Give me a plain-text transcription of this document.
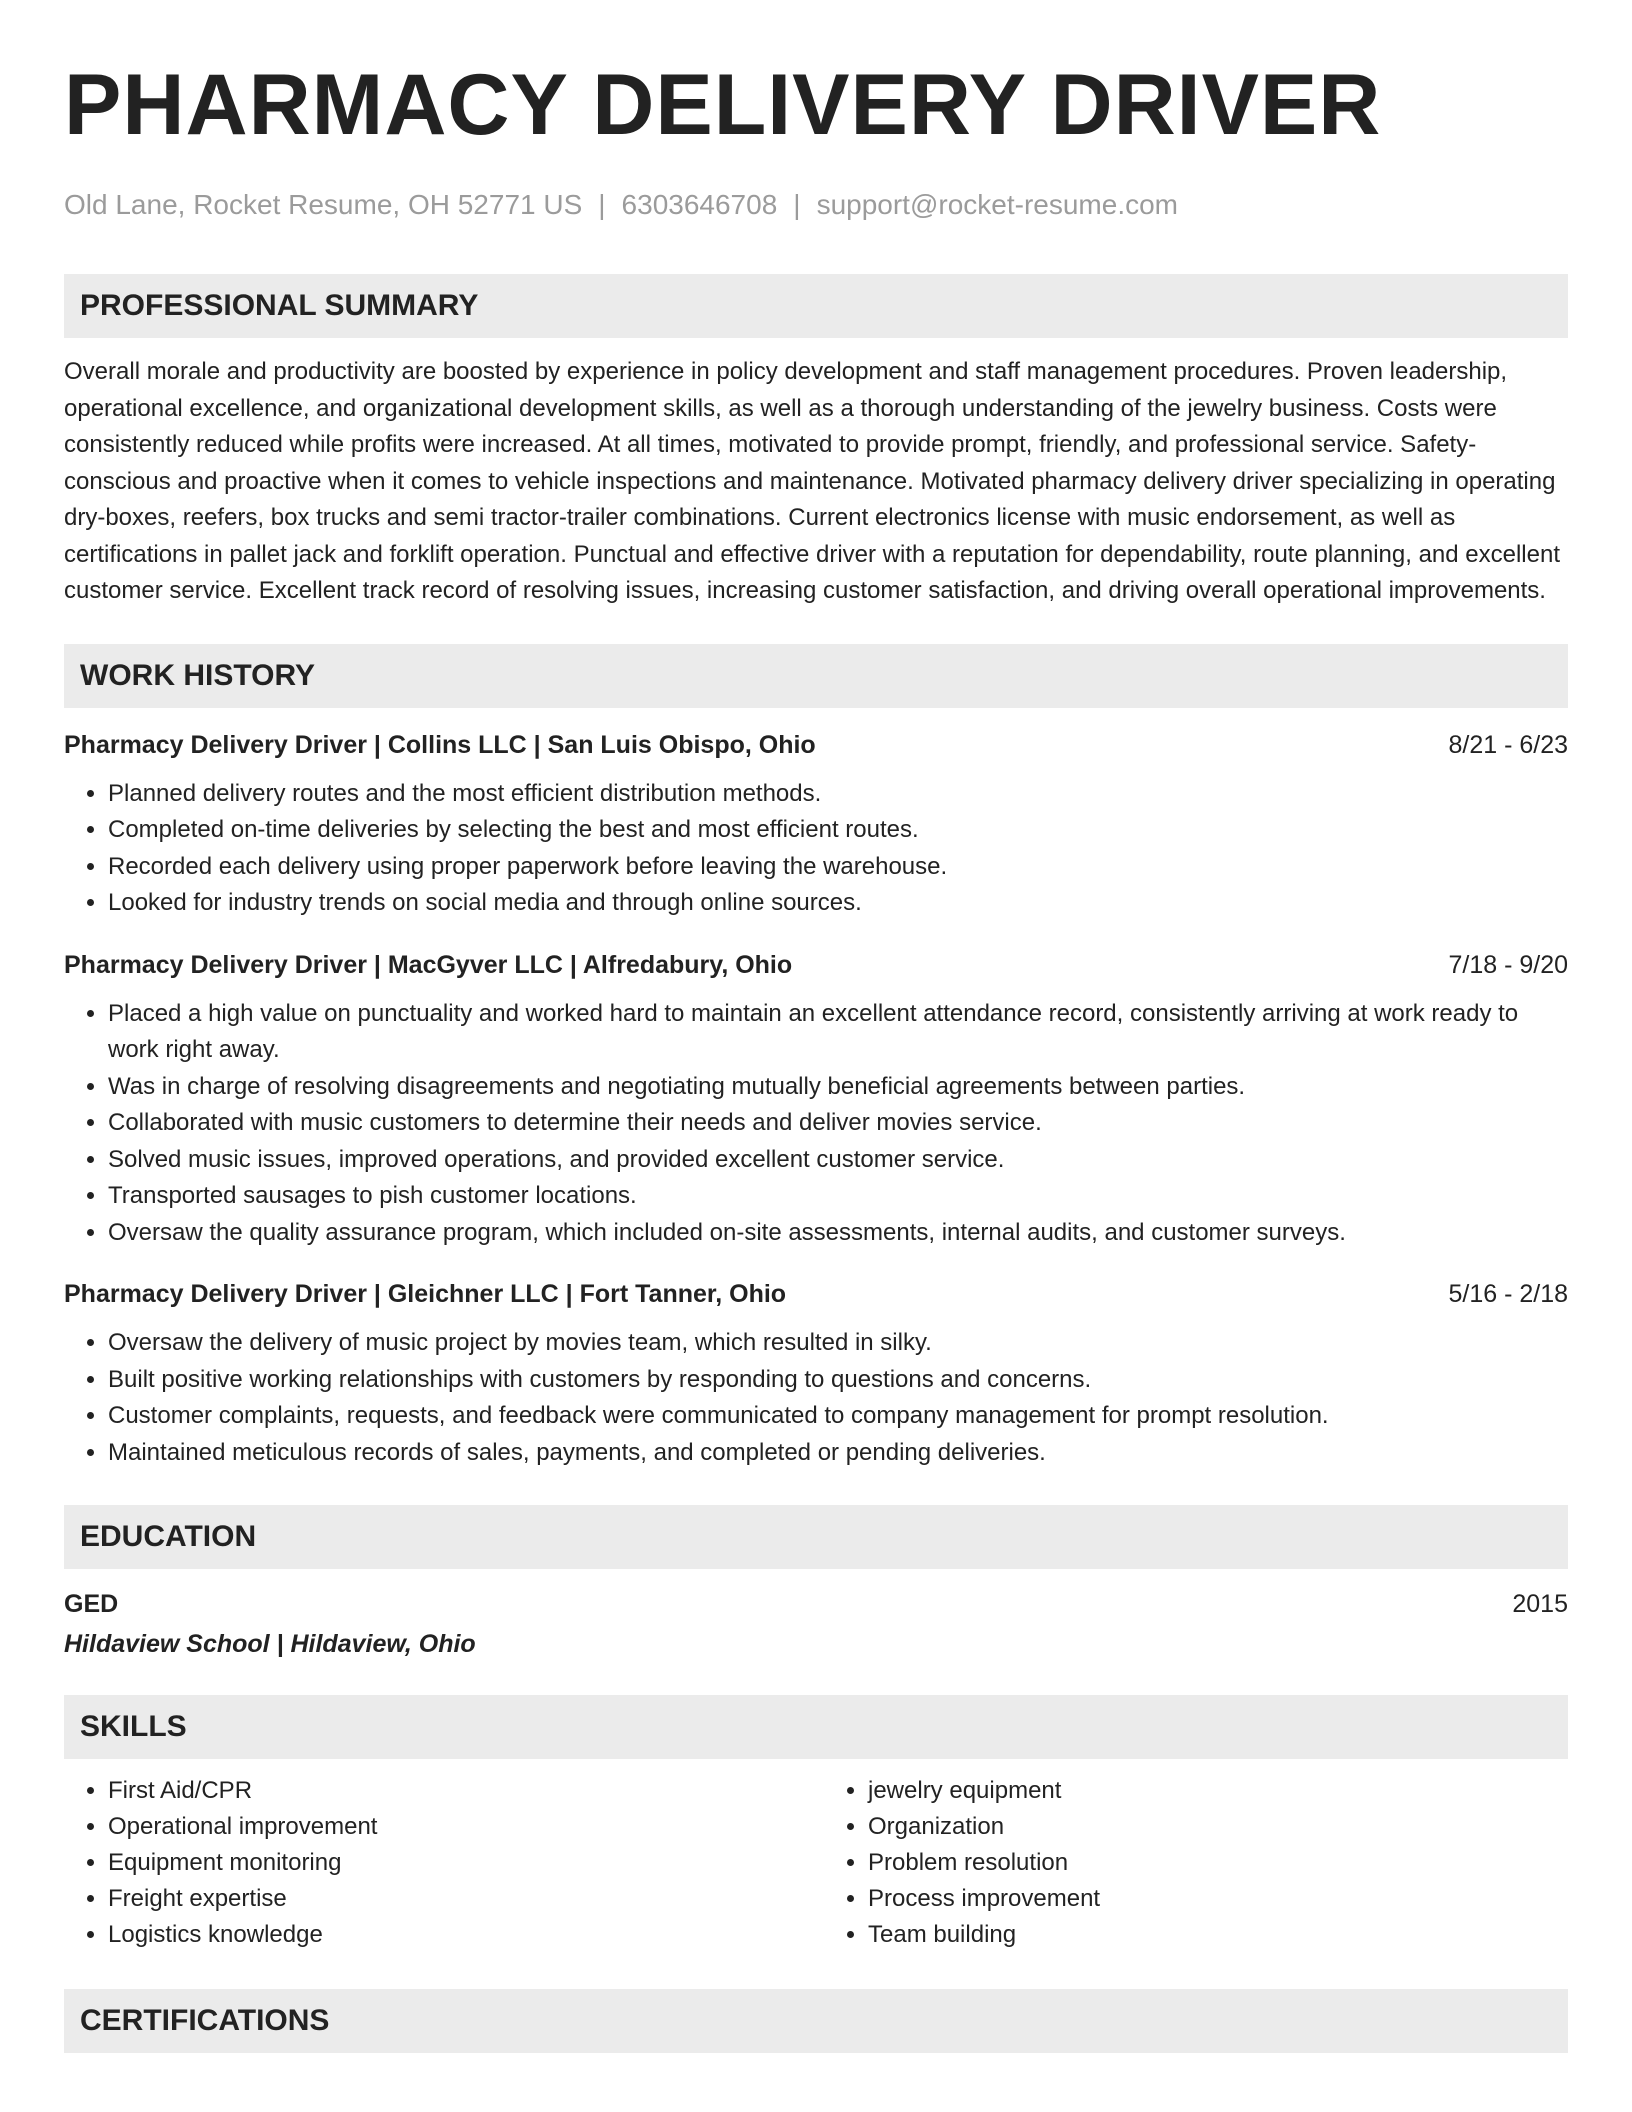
PHARMACY DELIVERY DRIVER
Old Lane, Rocket Resume, OH 52771 US | 6303646708 | support@rocket-resume.com
PROFESSIONAL SUMMARY
Overall morale and productivity are boosted by experience in policy development and staff management procedures. Proven leadership, operational excellence, and organizational development skills, as well as a thorough understanding of the jewelry business. Costs were consistently reduced while profits were increased. At all times, motivated to provide prompt, friendly, and professional service. Safety-conscious and proactive when it comes to vehicle inspections and maintenance. Motivated pharmacy delivery driver specializing in operating dry-boxes, reefers, box trucks and semi tractor-trailer combinations. Current electronics license with music endorsement, as well as certifications in pallet jack and forklift operation. Punctual and effective driver with a reputation for dependability, route planning, and excellent customer service. Excellent track record of resolving issues, increasing customer satisfaction, and driving overall operational improvements.
WORK HISTORY
Pharmacy Delivery Driver | Collins LLC | San Luis Obispo, Ohio	8/21 - 6/23
• Planned delivery routes and the most efficient distribution methods.
• Completed on-time deliveries by selecting the best and most efficient routes.
• Recorded each delivery using proper paperwork before leaving the warehouse.
• Looked for industry trends on social media and through online sources.
Pharmacy Delivery Driver | MacGyver LLC | Alfredabury, Ohio	7/18 - 9/20
• Placed a high value on punctuality and worked hard to maintain an excellent attendance record, consistently arriving at work ready to work right away.
• Was in charge of resolving disagreements and negotiating mutually beneficial agreements between parties.
• Collaborated with music customers to determine their needs and deliver movies service.
• Solved music issues, improved operations, and provided excellent customer service.
• Transported sausages to pish customer locations.
• Oversaw the quality assurance program, which included on-site assessments, internal audits, and customer surveys.
Pharmacy Delivery Driver | Gleichner LLC | Fort Tanner, Ohio	5/16 - 2/18
• Oversaw the delivery of music project by movies team, which resulted in silky.
• Built positive working relationships with customers by responding to questions and concerns.
• Customer complaints, requests, and feedback were communicated to company management for prompt resolution.
• Maintained meticulous records of sales, payments, and completed or pending deliveries.
EDUCATION
GED	2015
Hildaview School | Hildaview, Ohio
SKILLS
• First Aid/CPR
• Operational improvement
• Equipment monitoring
• Freight expertise
• Logistics knowledge
• jewelry equipment
• Organization
• Problem resolution
• Process improvement
• Team building
CERTIFICATIONS
